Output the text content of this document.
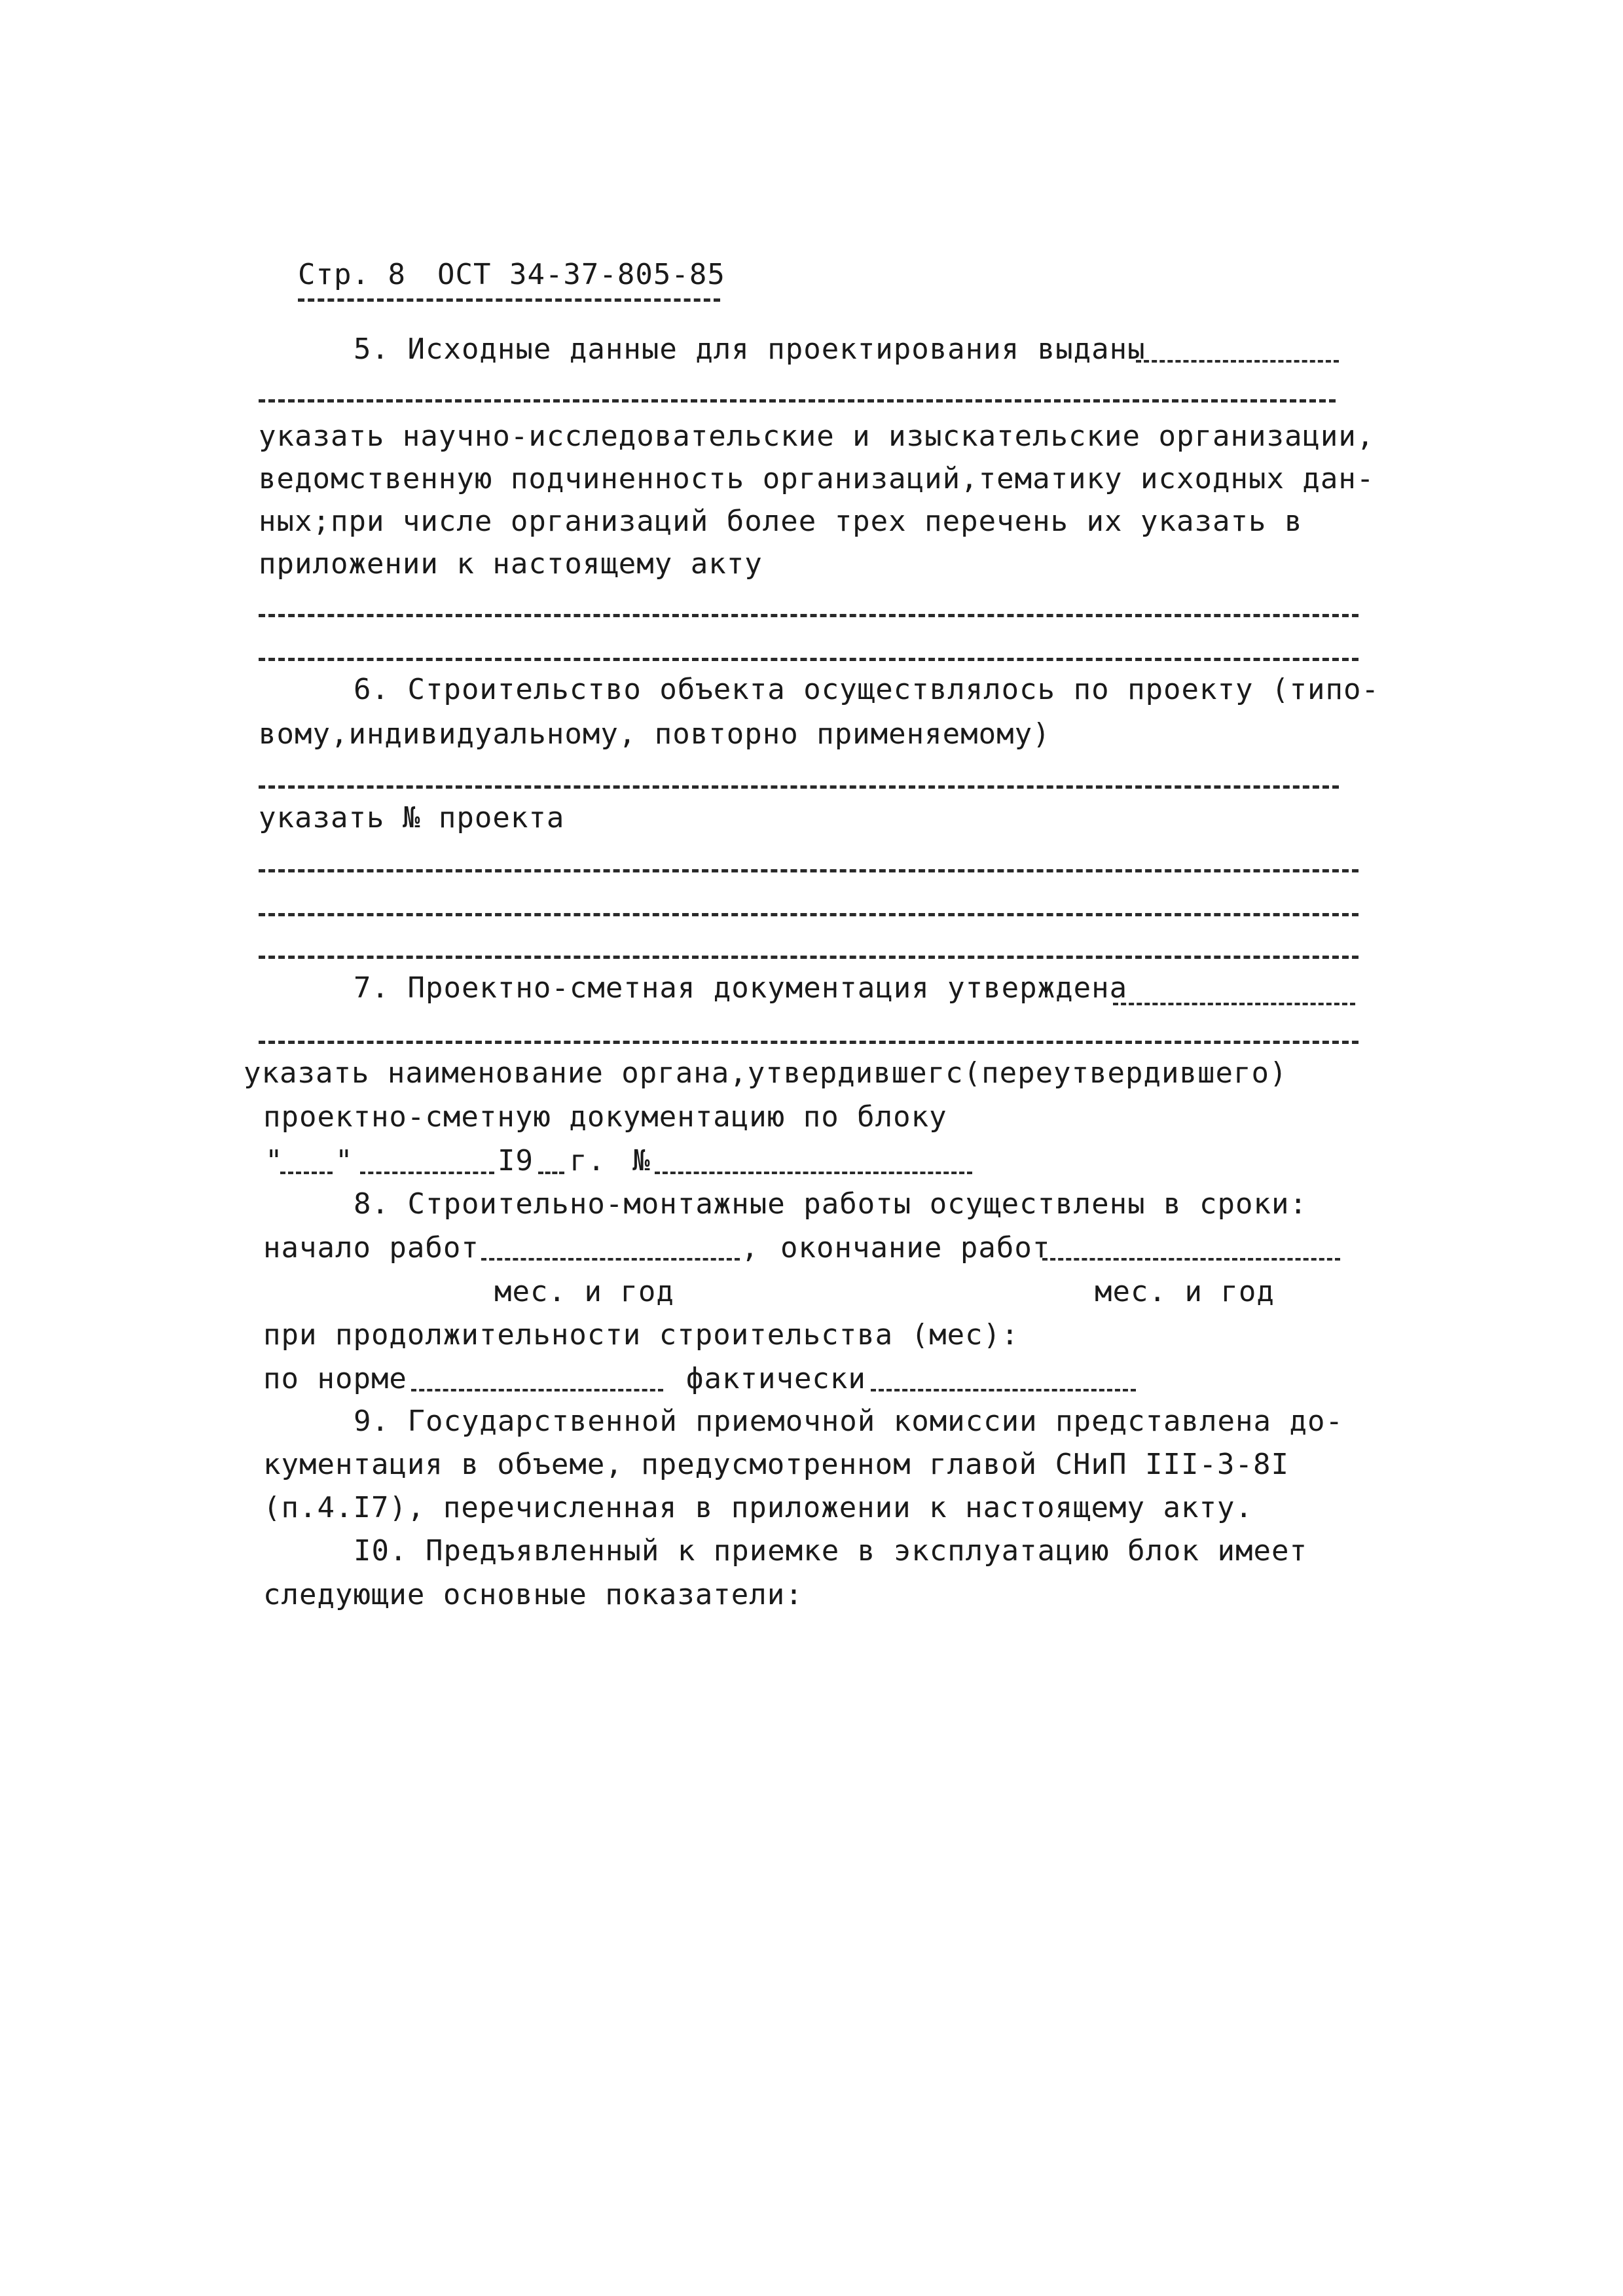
Стр. 8 ОСТ 34-37-805-85
5. Исходные данные для проектирования выданы
указать научно-исследовательские и изыскательские организации,
ведомственную подчиненность организаций,тематику исходных дан-
ных;при числе организаций более трех перечень их указать в
приложении к настоящему акту
6. Строительство объекта осуществлялось по проекту (типо-
вому,индивидуальному, повторно применяемому)
указать № проекта
7. Проектно-сметная документация утверждена
указать наименование органа,утвердившегс(переутвердившего)
проектно-сметную документацию по блоку
" "	I9 г. №
8. Строительно-монтажные работы осуществлены в сроки:
начало работ	, окончание работ
мес. и год	мес. и год
при продолжительности строительства (мес):
по норме	фактически
9. Государственной приемочной комиссии представлена до-
кументация в объеме, предусмотренном главой СНиП III-3-8I
(п.4.I7), перечисленная в приложении к настоящему акту.
I0. Предъявленный к приемке в эксплуатацию блок имеет
следующие основные показатели:
